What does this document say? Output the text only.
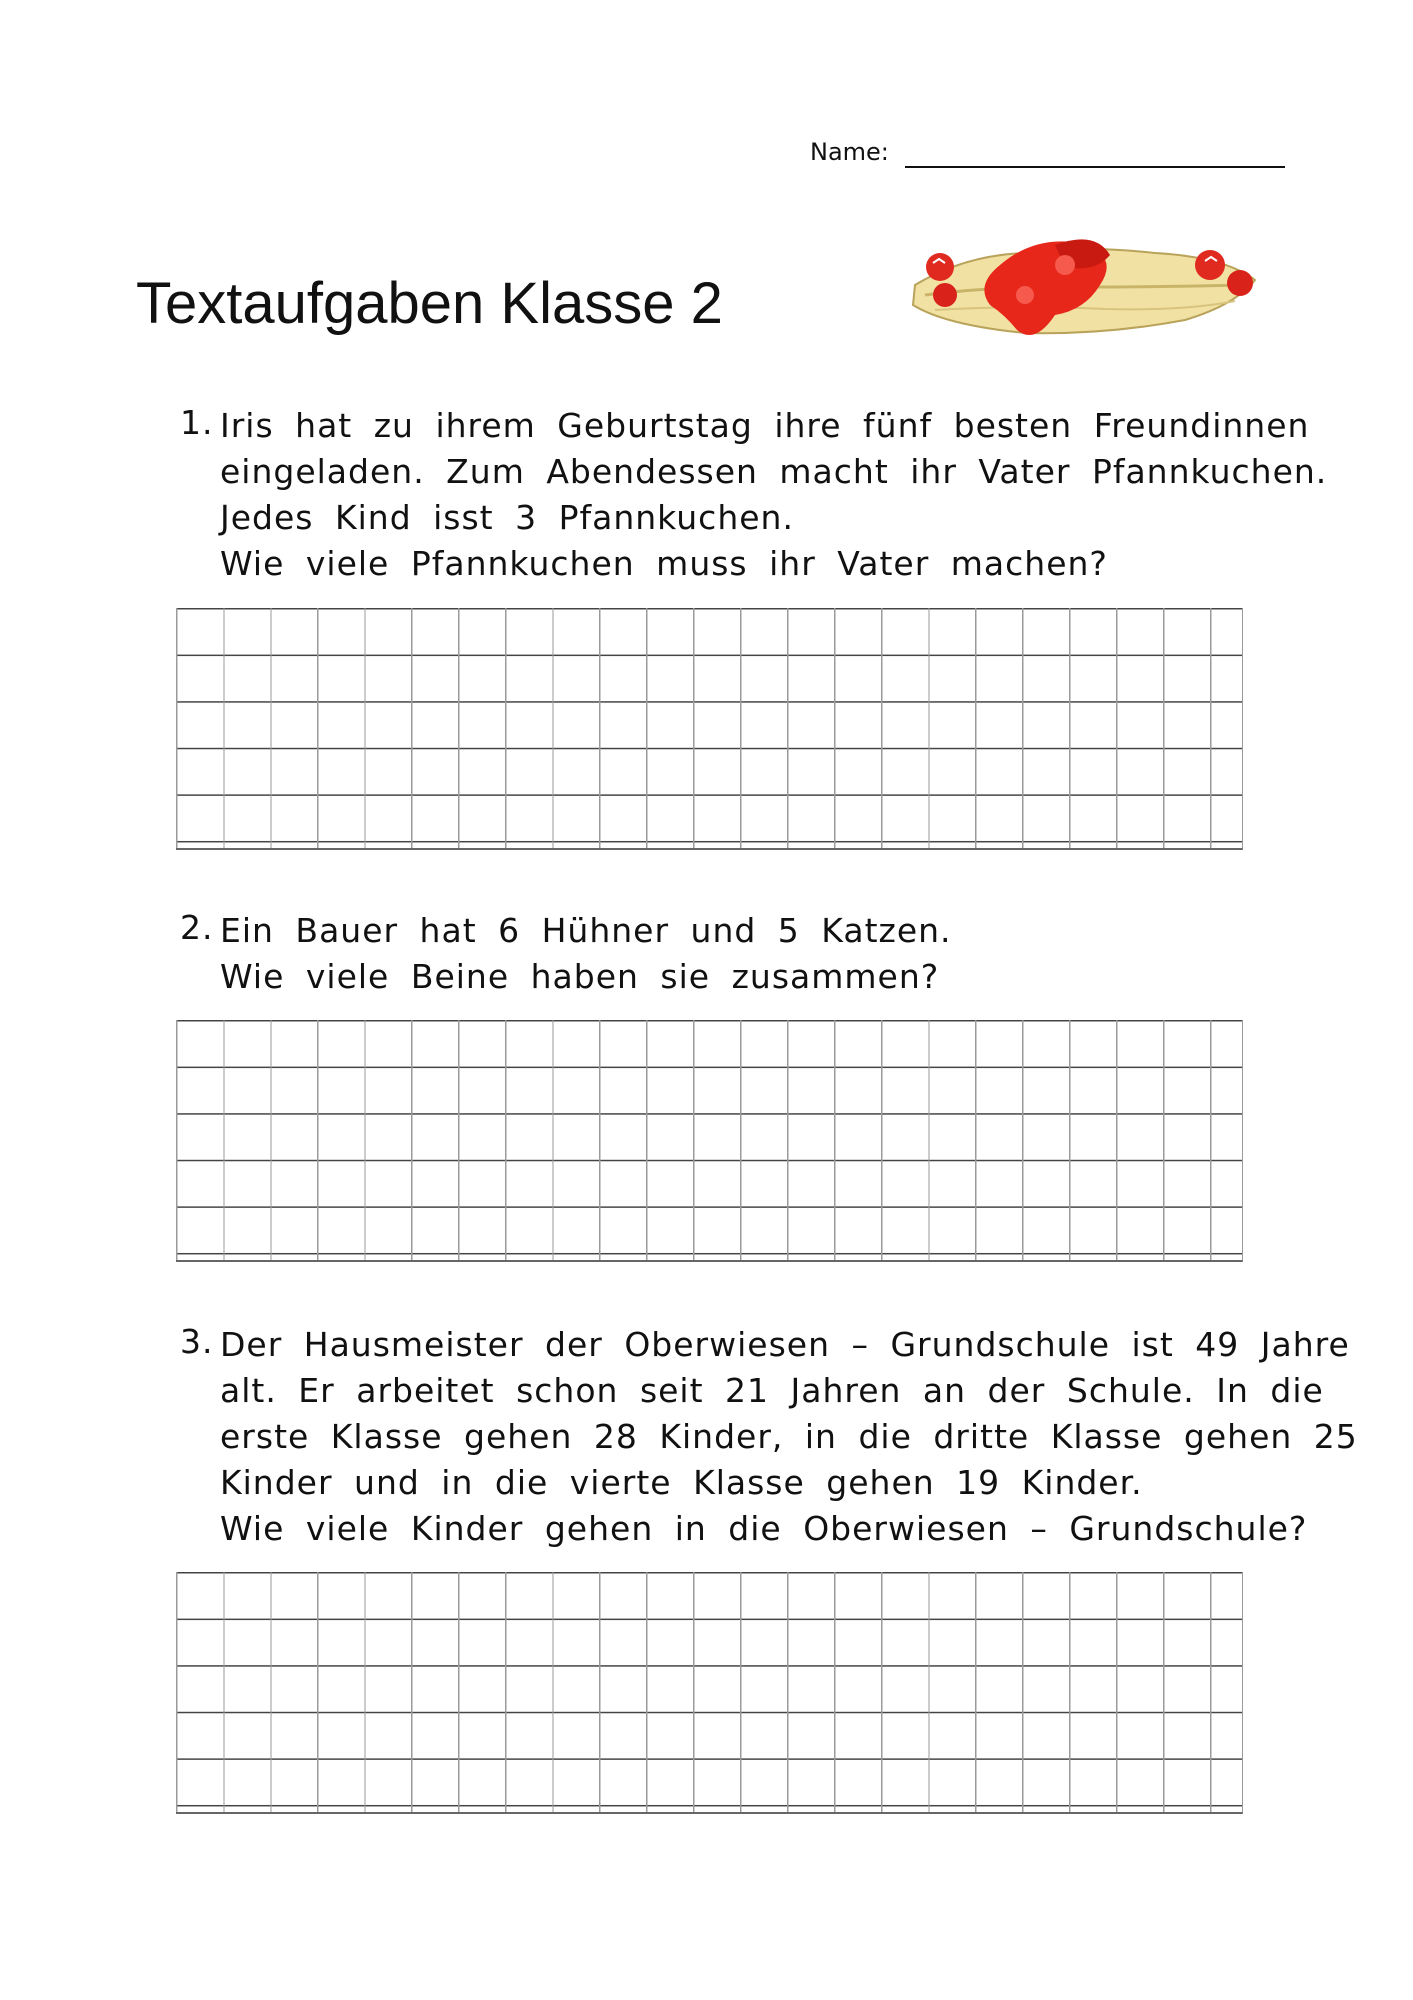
Name:
Textaufgaben Klasse 2
1. Iris hat zu ihrem Geburtstag ihre fünf besten Freundinnen
eingeladen. Zum Abendessen macht ihr Vater Pfannkuchen.
Jedes Kind isst 3 Pfannkuchen.
Wie viele Pfannkuchen muss ihr Vater machen?
2. Ein Bauer hat 6 Hühner und 5 Katzen.
Wie viele Beine haben sie zusammen?
3. Der Hausmeister der Oberwiesen – Grundschule ist 49 Jahre
alt. Er arbeitet schon seit 21 Jahren an der Schule. In die
erste Klasse gehen 28 Kinder, in die dritte Klasse gehen 25
Kinder und in die vierte Klasse gehen 19 Kinder.
Wie viele Kinder gehen in die Oberwiesen – Grundschule?
